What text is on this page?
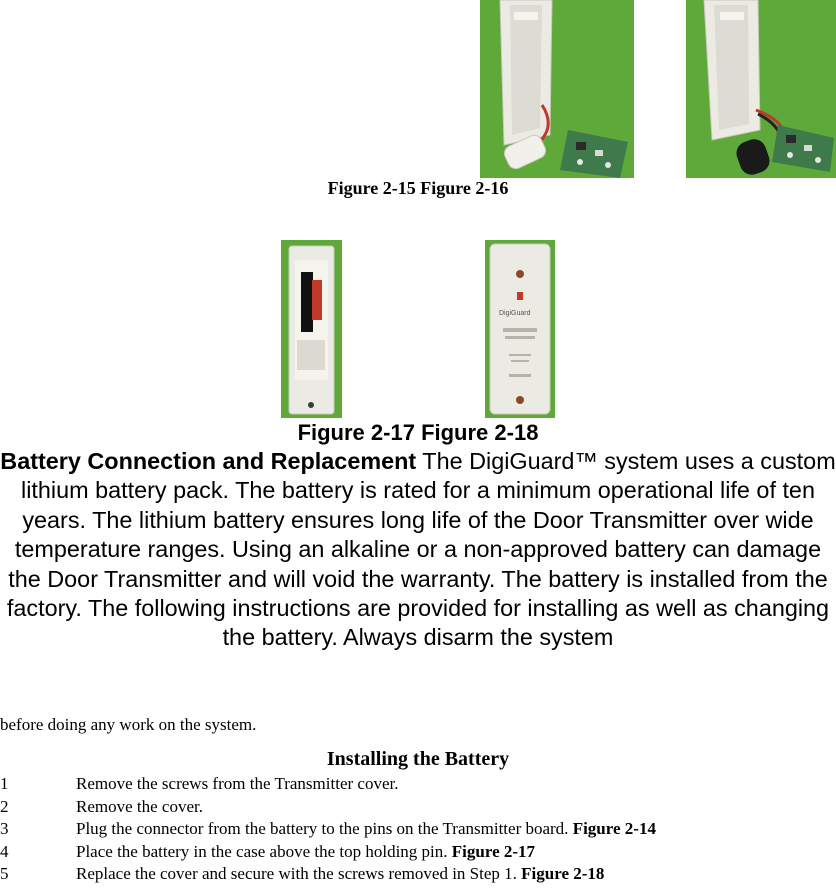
Figure 2-15 Figure 2-16
DigiGuard
Figure 2-17 Figure 2-18
Battery Connection and Replacement The DigiGuard™ system uses a custom lithium battery pack. The battery is rated for a minimum operational life of ten years. The lithium battery ensures long life of the Door Transmitter over wide temperature ranges. Using an alkaline or a non-approved battery can damage the Door Transmitter and will void the warranty. The battery is installed from the factory. The following instructions are provided for installing as well as changing the battery. Always disarm the system
before doing any work on the system.
Installing the Battery
1	Remove the screws from the Transmitter cover.
2	Remove the cover.
3	Plug the connector from the battery to the pins on the Transmitter board. Figure 2-14
4	Place the battery in the case above the top holding pin. Figure 2-17
5	Replace the cover and secure with the screws removed in Step 1. Figure 2-18
